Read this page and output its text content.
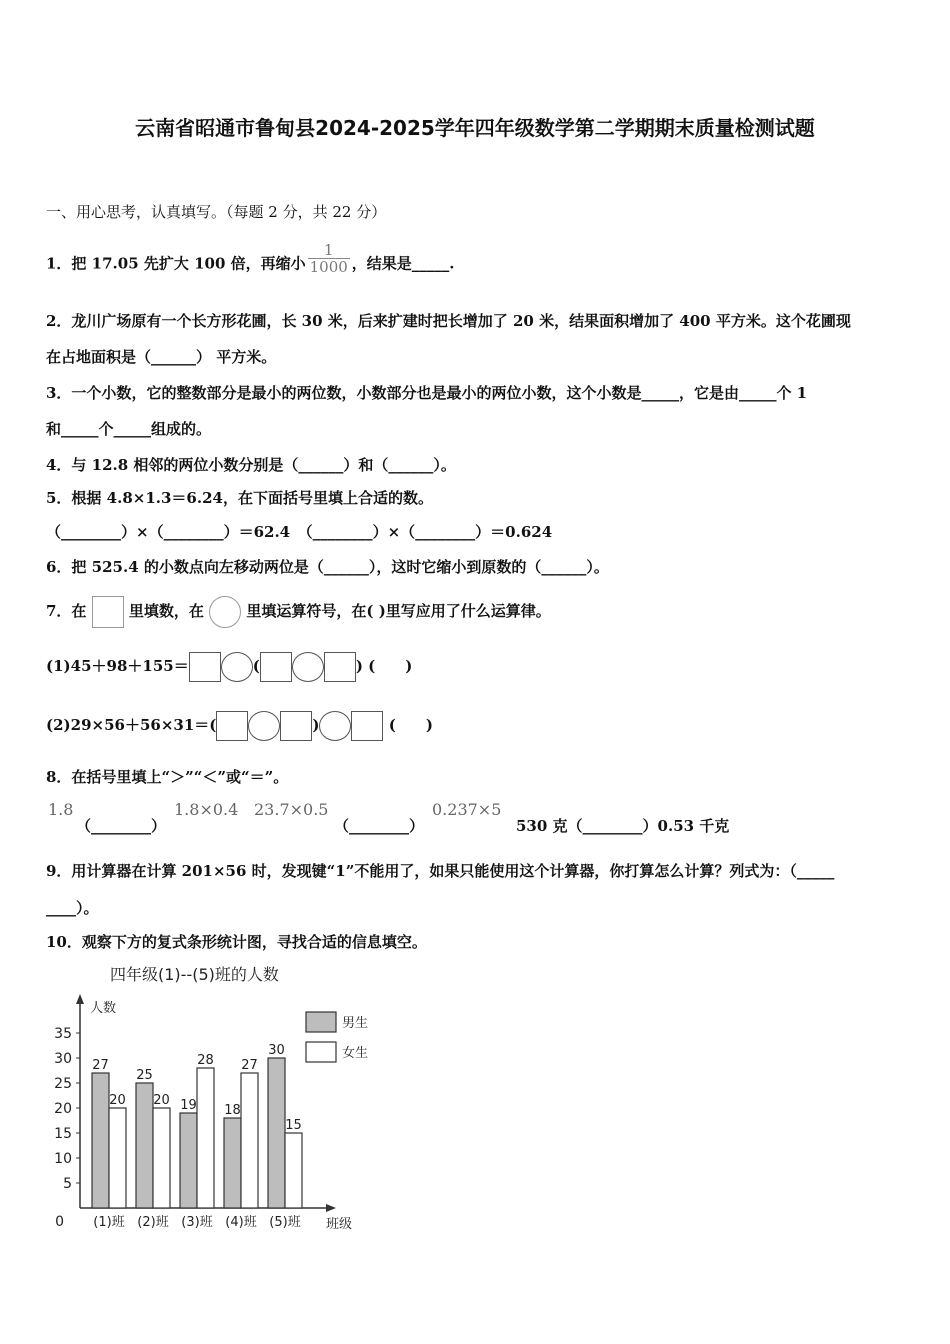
云南省昭通市鲁甸县2024-2025学年四年级数学第二学期期末质量检测试题
一、用心思考，认真填写。（每题 2 分，共 22 分）
1．把 17.05 先扩大 100 倍，再缩小 $\frac{1}{1000}$ ，结果是_____.
2．龙川广场原有一个长方形花圃，长 30 米，后来扩建时把长增加了 20 米，结果面积增加了 400 平方米。这个花圃现
在占地面积是（______） 平方米。
3．一个小数，它的整数部分是最小的两位数，小数部分也是最小的两位小数，这个小数是_____，它是由_____个 1
和_____个_____组成的。
4．与 12.8 相邻的两位小数分别是（______）和（______）。
5．根据 4.8×1.3＝6.24，在下面括号里填上合适的数。
（________）×（________）＝62.4　（________）×（________）＝0.624
6．把 525.4 的小数点向左移动两位是（______），这时它缩小到原数的（______）。
7．在	里填数，在	里填运算符号，在( )里写应用了什么运算律。
(1)45＋98＋155＝	(	) (　　)
(2)29×56＋56×31＝(	)	(　　)
8．在括号里填上“＞”“＜”或“＝”。
1.8
（________）
1.8×0.4 23.7×0.5
（________）
0.237×5
530 克（________）0.53 千克
9．用计算器在计算 201×56 时，发现键“1”不能用了，如果只能使用这个计算器，你打算怎么计算？列式为：（_____
____）。
10．观察下方的复式条形统计图，寻找合适的信息填空。
四年级(1)--(5)班的人数
人数
班级
0
5
10
15
20
25
30
35
27
20
(1)班
25
20
(2)班
19
28
(3)班
18
27
(4)班
30
15
(5)班
男生
女生
